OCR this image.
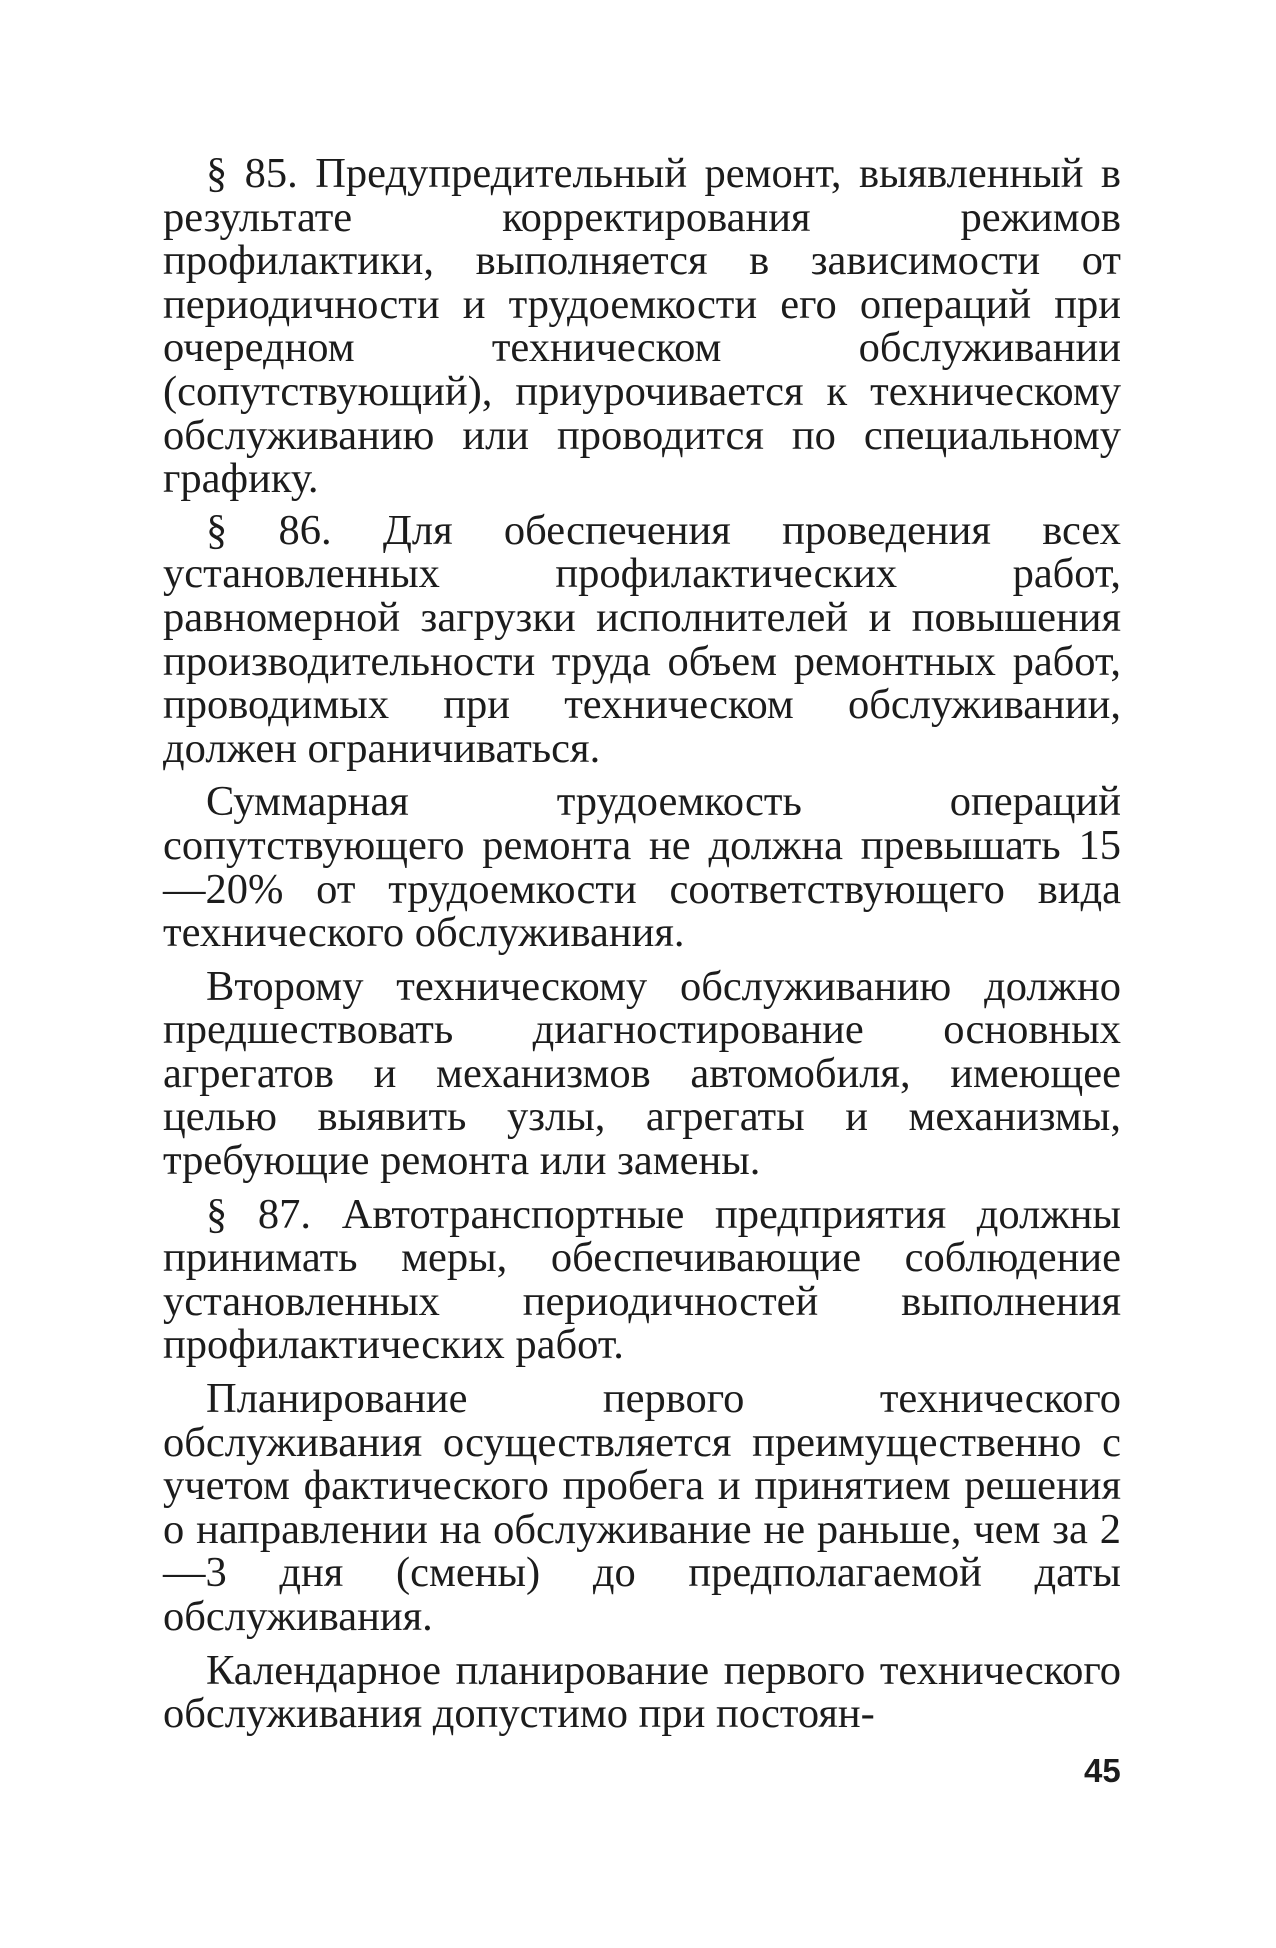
§ 85. Предупредительный ремонт, выявленный в результате корректирования режимов профилактики, выполняется в зависимости от периодичности и трудоемкости его операций при очередном техническом обслуживании (сопутствующий), приурочивается к техническому обслуживанию или проводится по специальному графику.

§ 86. Для обеспечения проведения всех установленных профилактических работ, равномерной загрузки исполнителей и повышения производительности труда объем ремонтных работ, проводимых при техническом обслуживании, должен ограничиваться.

Суммарная трудоемкость операций сопутствующего ремонта не должна превышать 15—20% от трудоемкости соответствующего вида технического обслуживания.

Второму техническому обслуживанию должно предшествовать диагностирование основных агрегатов и механизмов автомобиля, имеющее целью выявить узлы, агрегаты и механизмы, требующие ремонта или замены.

§ 87. Автотранспортные предприятия должны принимать меры, обеспечивающие соблюдение установленных периодичностей выполнения профилактических работ.

Планирование первого технического обслуживания осуществляется преимущественно с учетом фактического пробега и принятием решения о направлении на обслуживание не раньше, чем за 2—3 дня (смены) до предполагаемой даты обслуживания.

Календарное планирование первого технического обслуживания допустимо при постоян-

45
